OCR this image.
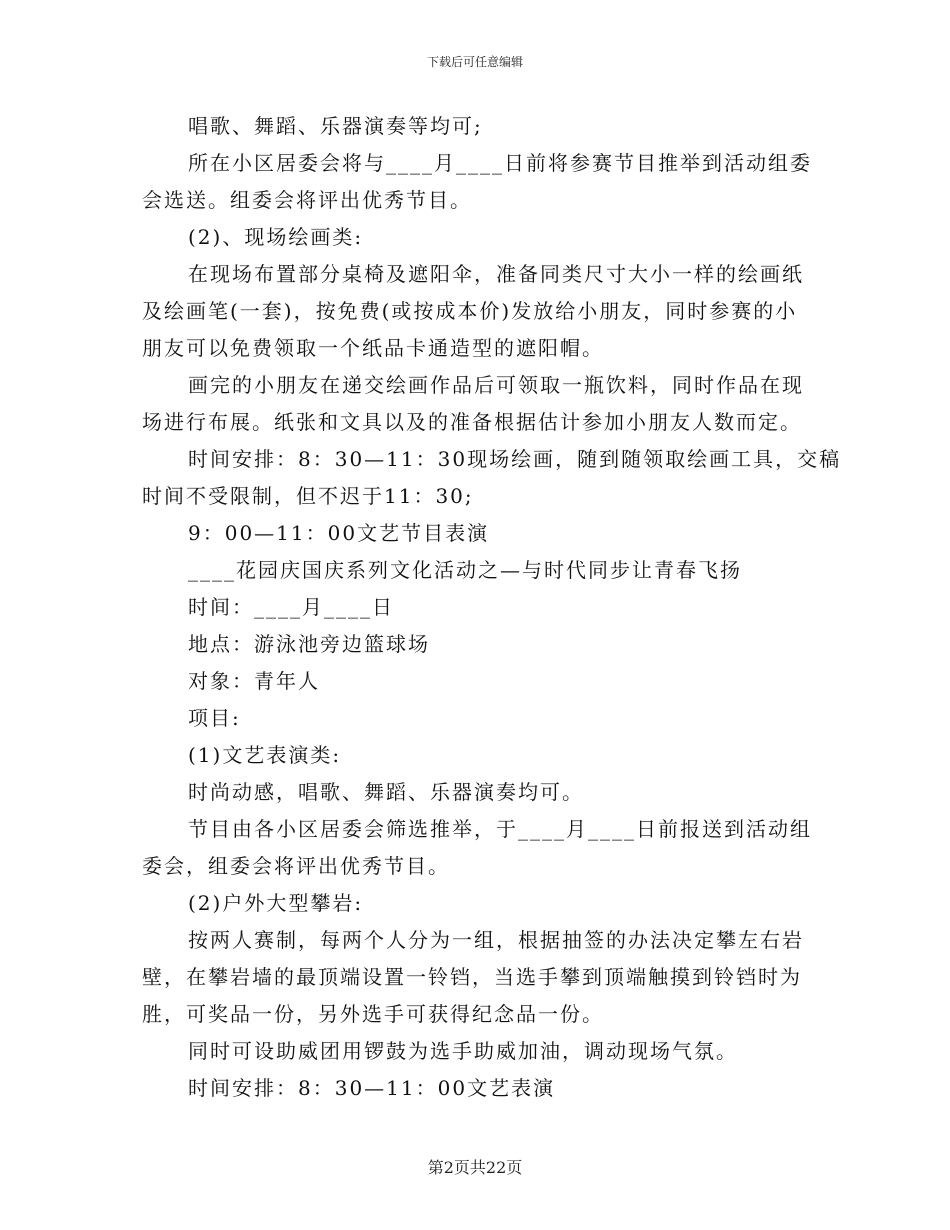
下载后可任意编辑
唱歌、舞蹈、乐器演奏等均可;
所在小区居委会将与____月____日前将参赛节目推举到活动组委
会选送。组委会将评出优秀节目。
(2)、现场绘画类:
在现场布置部分桌椅及遮阳伞，准备同类尺寸大小一样的绘画纸
及绘画笔(一套)，按免费(或按成本价)发放给小朋友，同时参赛的小
朋友可以免费领取一个纸品卡通造型的遮阳帽。
画完的小朋友在递交绘画作品后可领取一瓶饮料，同时作品在现
场进行布展。纸张和文具以及的准备根据估计参加小朋友人数而定。
时间安排：8：30—11：30现场绘画，随到随领取绘画工具，交稿
时间不受限制，但不迟于11：30;
9：00—11：00文艺节目表演
____花园庆国庆系列文化活动之—与时代同步让青春飞扬
时间：____月____日
地点：游泳池旁边篮球场
对象：青年人
项目:
(1)文艺表演类:
时尚动感，唱歌、舞蹈、乐器演奏均可。
节目由各小区居委会筛选推举，于____月____日前报送到活动组
委会，组委会将评出优秀节目。
(2)户外大型攀岩:
按两人赛制，每两个人分为一组，根据抽签的办法决定攀左右岩
壁，在攀岩墙的最顶端设置一铃铛，当选手攀到顶端触摸到铃铛时为
胜，可奖品一份，另外选手可获得纪念品一份。
同时可设助威团用锣鼓为选手助威加油，调动现场气氛。
时间安排：8：30—11：00文艺表演
第2页共22页
